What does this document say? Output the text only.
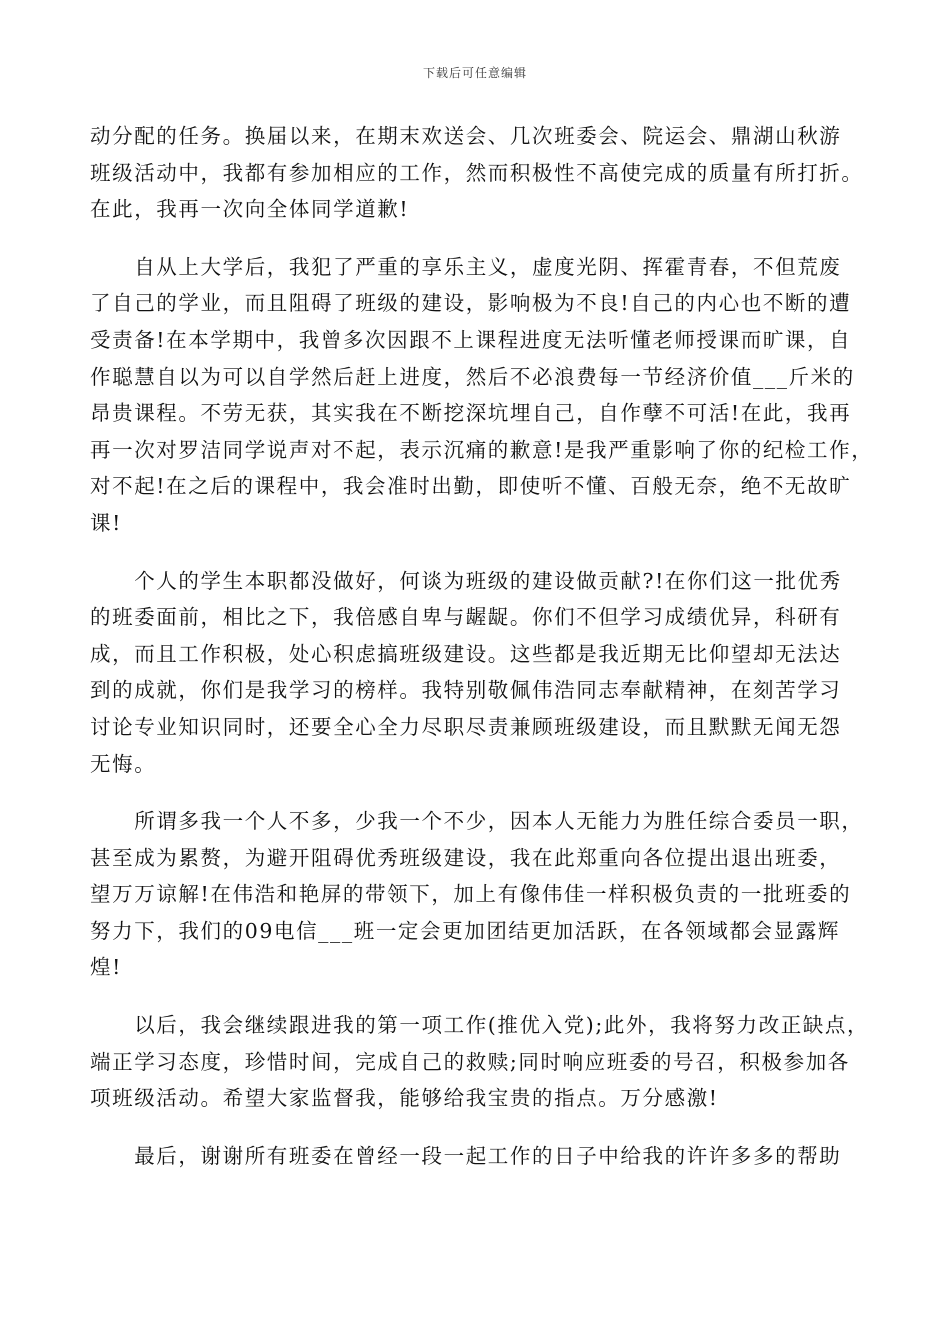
下载后可任意编辑
动分配的任务。换届以来，在期末欢送会、几次班委会、院运会、鼎湖山秋游
班级活动中，我都有参加相应的工作，然而积极性不高使完成的质量有所打折。
在此，我再一次向全体同学道歉!
　　自从上大学后，我犯了严重的享乐主义，虚度光阴、挥霍青春，不但荒废
了自己的学业，而且阻碍了班级的建设，影响极为不良!自己的内心也不断的遭
受责备!在本学期中，我曾多次因跟不上课程进度无法听懂老师授课而旷课，自
作聪慧自以为可以自学然后赶上进度，然后不必浪费每一节经济价值___斤米的
昂贵课程。不劳无获，其实我在不断挖深坑埋自己，自作孽不可活!在此，我再
再一次对罗洁同学说声对不起，表示沉痛的歉意!是我严重影响了你的纪检工作，
对不起!在之后的课程中，我会准时出勤，即使听不懂、百般无奈，绝不无故旷
课!
　　个人的学生本职都没做好，何谈为班级的建设做贡献?!在你们这一批优秀
的班委面前，相比之下，我倍感自卑与龌龊。你们不但学习成绩优异，科研有
成，而且工作积极，处心积虑搞班级建设。这些都是我近期无比仰望却无法达
到的成就，你们是我学习的榜样。我特别敬佩伟浩同志奉献精神，在刻苦学习
讨论专业知识同时，还要全心全力尽职尽责兼顾班级建设，而且默默无闻无怨
无悔。
　　所谓多我一个人不多，少我一个不少，因本人无能力为胜任综合委员一职，
甚至成为累赘，为避开阻碍优秀班级建设，我在此郑重向各位提出退出班委，
望万万谅解!在伟浩和艳屏的带领下，加上有像伟佳一样积极负责的一批班委的
努力下，我们的09电信___班一定会更加团结更加活跃，在各领域都会显露辉
煌!
　　以后，我会继续跟进我的第一项工作(推优入党);此外，我将努力改正缺点，
端正学习态度，珍惜时间，完成自己的救赎;同时响应班委的号召，积极参加各
项班级活动。希望大家监督我，能够给我宝贵的指点。万分感激!
　　最后，谢谢所有班委在曾经一段一起工作的日子中给我的许许多多的帮助
